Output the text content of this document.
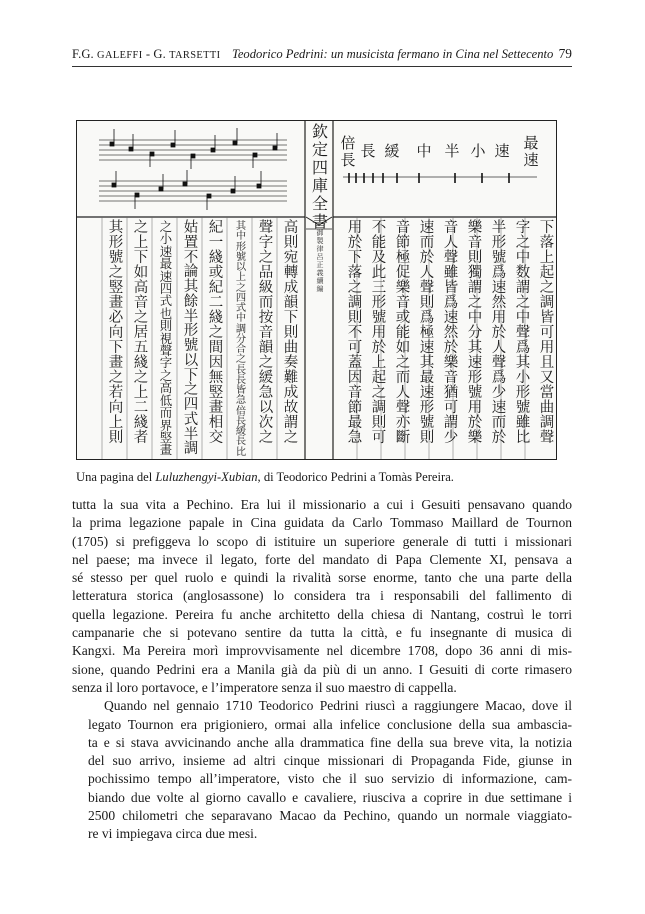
F.G. GALEFFI - G. TARSETTI Teodorico Pedrini: un musicista fermano in Cina nel Settecento 79
欽
定
四
庫
全
書
御
製
律
呂
正
義
續
編
最
速
速
小
半
中
緩
長
倍
長
下
落
上
起
之
調
皆
可
用
且
又
當
曲
調
聲
字
之
中
数
謂
之
中
聲
爲
其
小
形
號
雖
比
半
形
號
爲
速
然
用
於
人
聲
爲
少
速
而
於
樂
音
則
獨
謂
之
中
分
其
速
形
號
用
於
樂
音
人
聲
雖
皆
爲
速
然
於
樂
音
猶
可
謂
少
速
而
於
人
聲
則
爲
極
速
其
最
速
形
號
則
音
節
極
促
樂
音
或
能
如
之
而
人
聲
亦
斷
不
能
及
此
三
形
號
用
於
上
起
之
調
則
可
用
於
下
落
之
調
則
不
可
蓋
因
音
節
最
急
高
則
宛
轉
成
韻
下
則
曲
奏
難
成
故
謂
之
聲
字
之
品
級
而
按
音
韻
之
緩
急
以
次
之
其
中
形
號
以
上
之
四
式
中
調
分
合
之
長
長
皆
急
倍
長
緩
長
比
紀
一
綫
或
紀
二
綫
之
間
因
無
竪
畫
相
交
姑
置
不
論
其
餘
半
形
號
以
下
之
四
式
半
調
之
小
速
最
速
四
式
也
則
視
聲
字
之
高
低
而
界
竪
畫
之
上
下
如
高
音
之
居
五
綫
之
上
二
綫
者
其
形
號
之
竪
畫
必
向
下
畫
之
若
向
上
則
Una pagina del Luluzhengyi-Xubian, di Teodorico Pedrini a Tomàs Pereira.

tutta la sua vita a Pechino. Era lui il missionario a cui i Gesuiti pensavano quando
la prima legazione papale in Cina guidata da Carlo Tommaso Maillard de Tournon
(1705) si prefiggeva lo scopo di istituire un superiore generale di tutti i missionari
nel paese; ma invece il legato, forte del mandato di Papa Clemente XI, pensava a
sé stesso per quel ruolo e quindi la rivalità sorse enorme, tanto che una parte della
letteratura storica (anglosassone) lo considera tra i responsabili del fallimento di
quella legazione. Pereira fu anche architetto della chiesa di Nantang, costruì le torri
campanarie che si potevano sentire da tutta la città, e fu insegnante di musica di
Kangxi. Ma Pereira morì improvvisamente nel dicembre 1708, dopo 36 anni di mis-
sione, quando Pedrini era a Manila già da più di un anno. I Gesuiti di corte rimasero
senza il loro portavoce, e l’imperatore senza il suo maestro di cappella.

Quando nel gennaio 1710 Teodorico Pedrini riuscì a raggiungere Macao, dove il
legato Tournon era prigioniero, ormai alla infelice conclusione della sua ambascia-
ta e si stava avvicinando anche alla drammatica fine della sua breve vita, la notizia
del suo arrivo, insieme ad altri cinque missionari di Propaganda Fide, giunse in
pochissimo tempo all’imperatore, visto che il suo servizio di informazione, cam-
biando due volte al giorno cavallo e cavaliere, riusciva a coprire in due settimane i
2500 chilometri che separavano Macao da Pechino, quando un normale viaggiato-
re vi impiegava circa due mesi.
